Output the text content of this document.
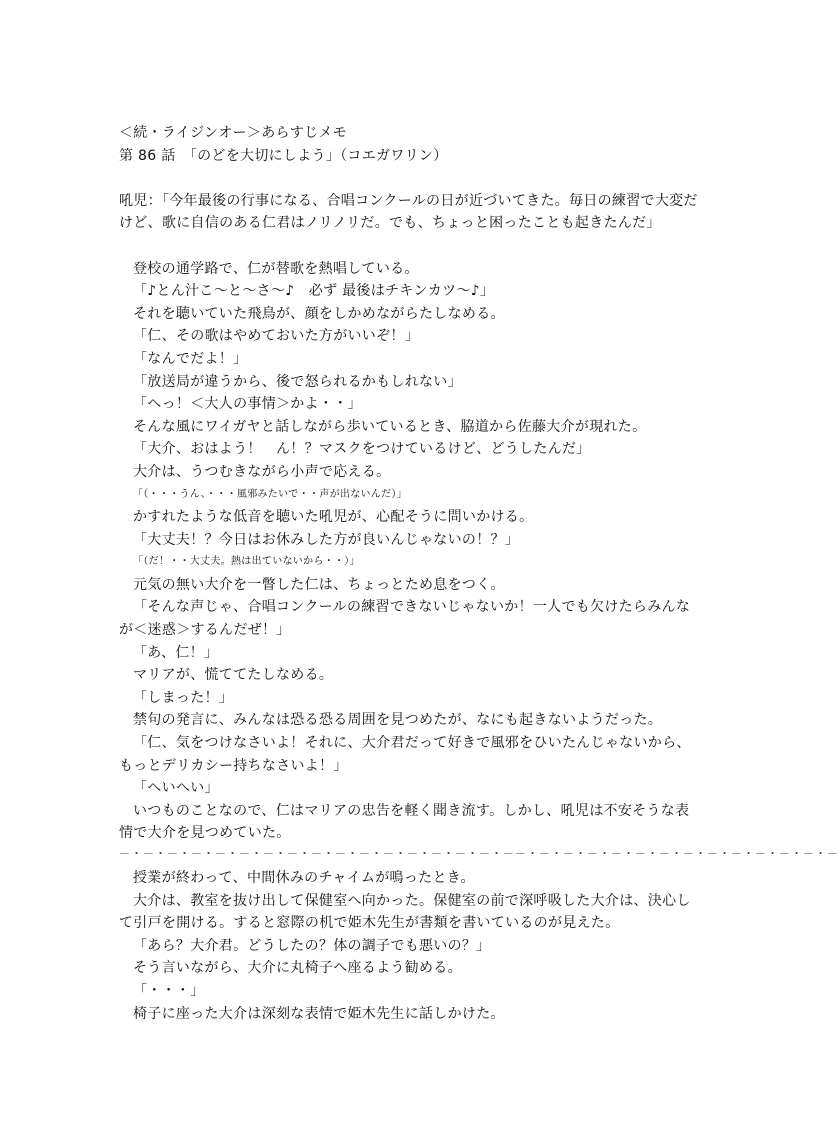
＜続・ライジンオー＞あらすじメモ
第 86 話　 「のどを大切にしよう」（コエガワリン）
吼児：「今年最後の行事になる、合唱コンクールの日が近づいてきた。毎日の練習で大変だ
けど、歌に自信のある仁君はノリノリだ。でも、ちょっと困ったことも起きたんだ」
登校の通学路で、仁が替歌を熱唱している。
「♪とん汁こ～と～さ～♪　必ず 最後はチキンカツ～♪」
それを聴いていた飛鳥が、顔をしかめながらたしなめる。
「仁、その歌はやめておいた方がいいぞ！」
「なんでだよ！」
「放送局が違うから、後で怒られるかもしれない」
「へっ！＜大人の事情＞かよ・・」
そんな風にワイガヤと話しながら歩いているとき、脇道から佐藤大介が現れた。
「大介、おはよう！　ん！？マスクをつけているけど、どうしたんだ」
大介は、うつむきながら小声で応える。
「（・・・うん、・・・風邪みたいで・・声が出ないんだ）」
かすれたような低音を聴いた吼児が、心配そうに問いかける。
「大丈夫！？今日はお休みした方が良いんじゃないの！？」
「（だ！・・大丈夫。熱は出ていないから・・）」
元気の無い大介を一瞥した仁は、ちょっとため息をつく。
「そんな声じゃ、合唱コンクールの練習できないじゃないか！一人でも欠けたらみんな
が＜迷惑＞するんだぜ！」
「あ、仁！」
マリアが、慌ててたしなめる。
「しまった！」
禁句の発言に、みんなは恐る恐る周囲を見つめたが、なにも起きないようだった。
「仁、気をつけなさいよ！それに、大介君だって好きで風邪をひいたんじゃないから、
もっとデリカシー持ちなさいよ！」
「へいへい」
いつものことなので、仁はマリアの忠告を軽く聞き流す。しかし、吼児は不安そうな表
情で大介を見つめていた。
－・－・－・－・－・－・－・－・－・－・－・－・－・－・－・－・－－・－・－・－・－・－・－・－・－・－・－・－・－・－
授業が終わって、中間休みのチャイムが鳴ったとき。
大介は、教室を抜け出して保健室へ向かった。保健室の前で深呼吸した大介は、決心し
て引戸を開ける。すると窓際の机で姫木先生が書類を書いているのが見えた。
「あら？大介君。どうしたの？体の調子でも悪いの？」
そう言いながら、大介に丸椅子へ座るよう勧める。
「・・・」
椅子に座った大介は深刻な表情で姫木先生に話しかけた。
